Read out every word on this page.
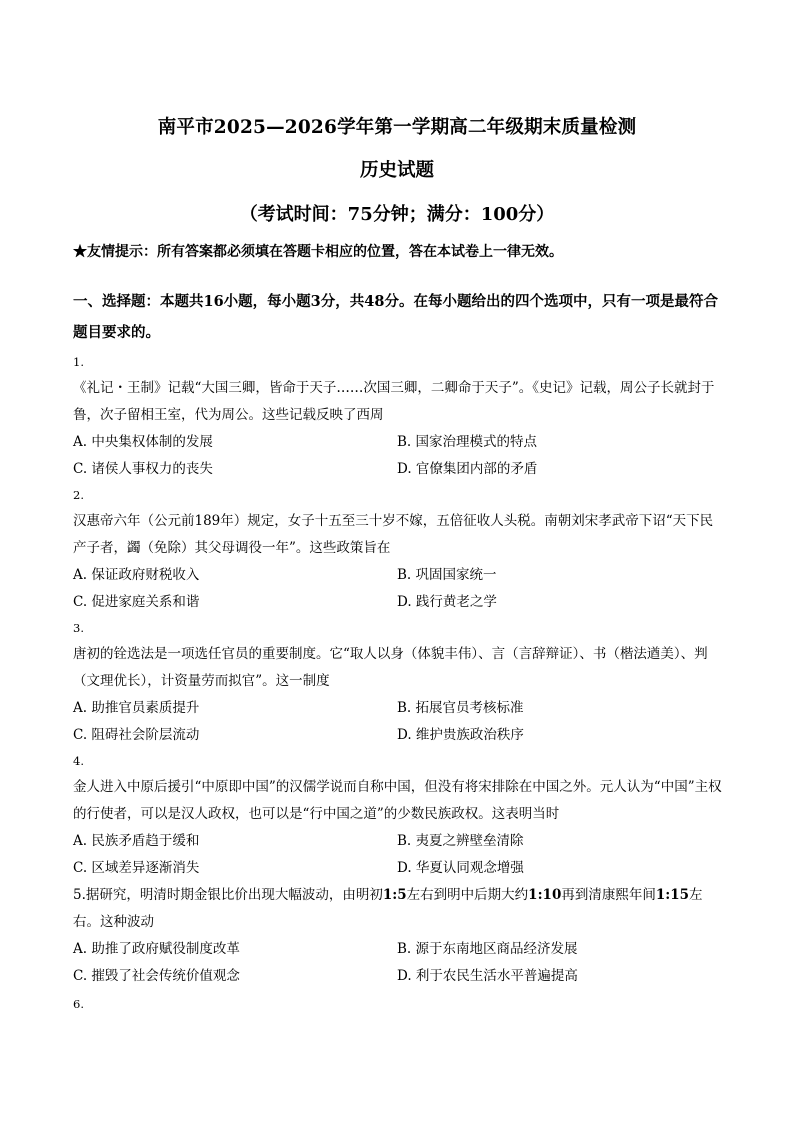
南平市2025—2026学年第一学期高二年级期末质量检测
历史试题
（考试时间：75分钟；满分：100分）
★友情提示：所有答案都必须填在答题卡相应的位置，答在本试卷上一律无效。
一、选择题：本题共16小题，每小题3分，共48分。在每小题给出的四个选项中，只有一项是最符合题目要求的。
1.

《礼记・王制》记载“大国三卿，皆命于天子……次国三卿，二卿命于天子”。《史记》记载，周公子长就封于鲁，次子留相王室，代为周公。这些记载反映了西周

A. 中央集权体制的发展	B. 国家治理模式的特点
C. 诸侯人事权力的丧失	D. 官僚集团内部的矛盾
2.

汉惠帝六年（公元前189年）规定，女子十五至三十岁不嫁，五倍征收人头税。南朝刘宋孝武帝下诏“天下民产子者，蠲（免除）其父母调役一年”。这些政策旨在

A. 保证政府财税收入	B. 巩固国家统一
C. 促进家庭关系和谐	D. 践行黄老之学
3.

唐初的铨选法是一项选任官员的重要制度。它“取人以身（体貌丰伟）、言（言辞辩证）、书（楷法遒美）、判（文理优长），计资量劳而拟官”。这一制度

A. 助推官员素质提升	B. 拓展官员考核标准
C. 阻碍社会阶层流动	D. 维护贵族政治秩序
4.

金人进入中原后援引“中原即中国”的汉儒学说而自称中国，但没有将宋排除在中国之外。元人认为“中国”主权的行使者，可以是汉人政权，也可以是“行中国之道”的少数民族政权。这表明当时

A. 民族矛盾趋于缓和	B. 夷夏之辨壁垒清除
C. 区域差异逐渐消失	D. 华夏认同观念增强

5.据研究，明清时期金银比价出现大幅波动，由明初1:5左右到明中后期大约1:10再到清康熙年间1:15左右。这种波动

A. 助推了政府赋役制度改革	B. 源于东南地区商品经济发展
C. 摧毁了社会传统价值观念	D. 利于农民生活水平普遍提高
6.
